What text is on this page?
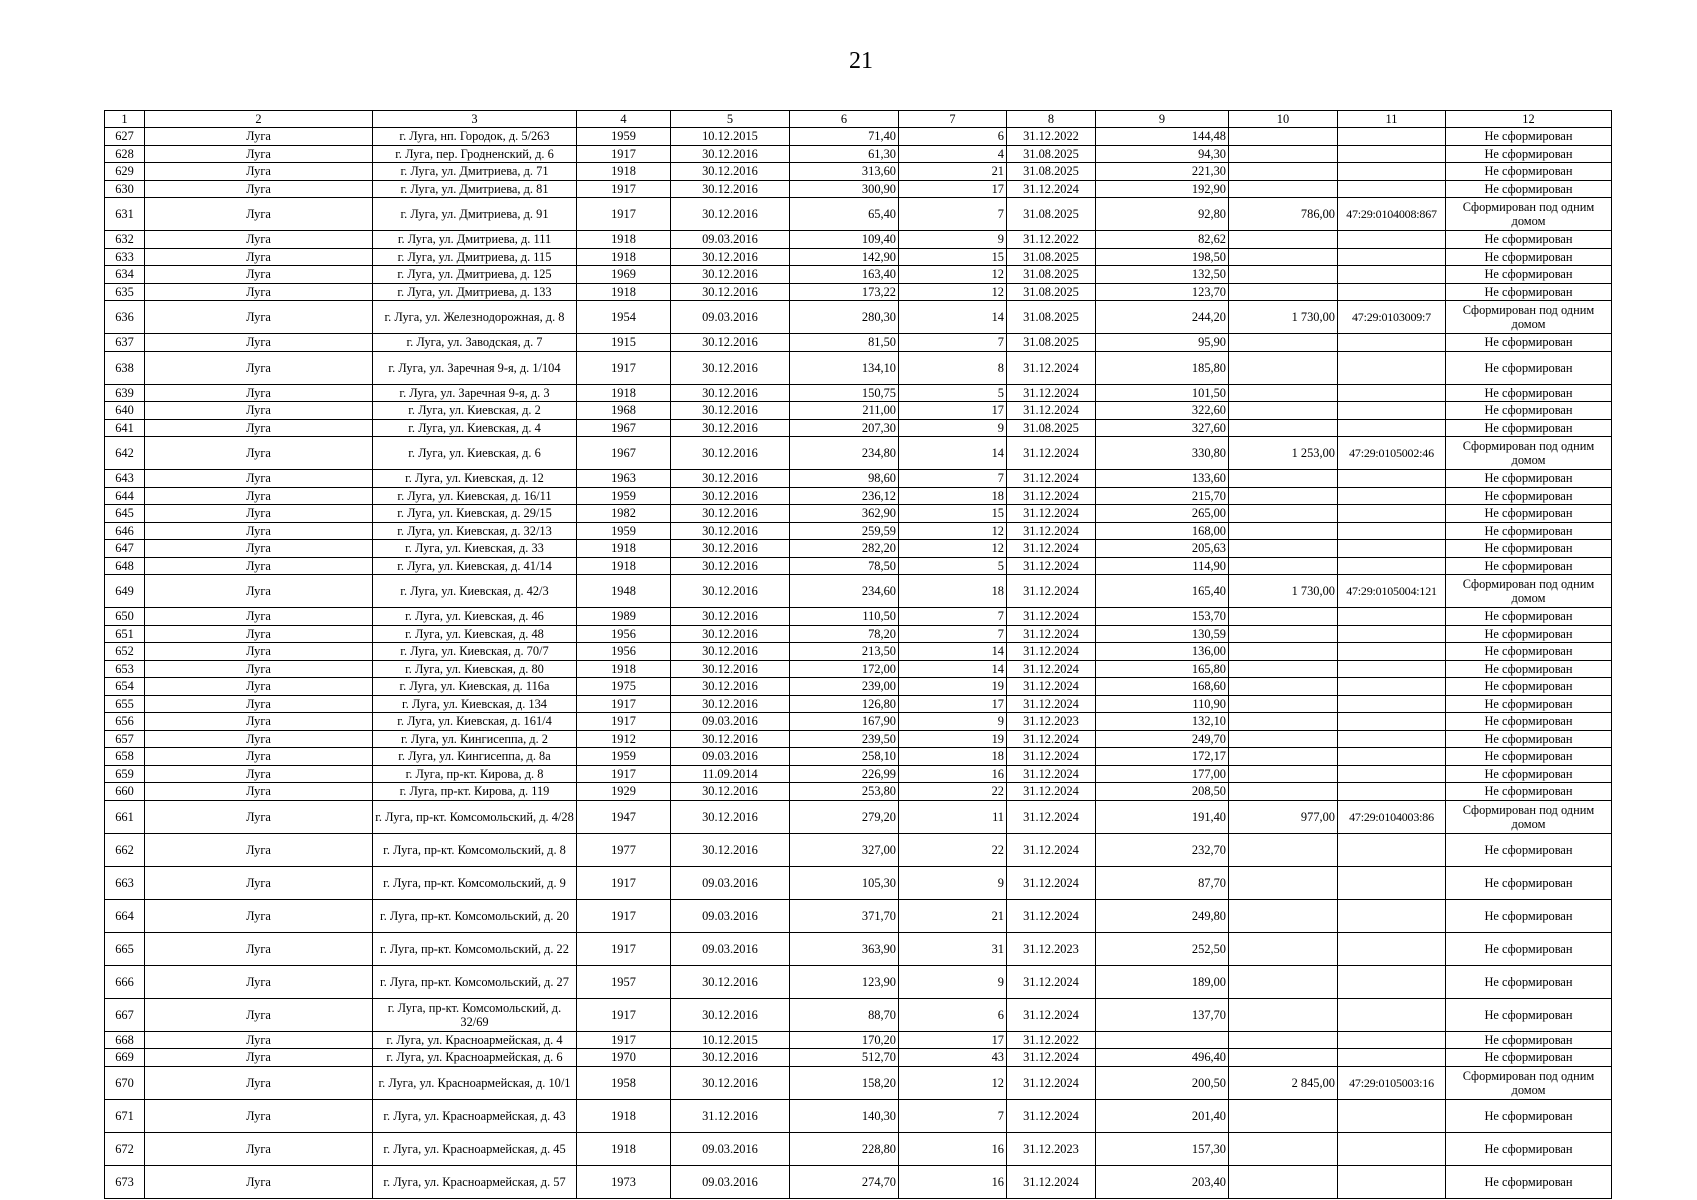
21
1	2	3	4	5	6	7	8	9	10	11	12
627	Луга	г. Луга, нп. Городок, д. 5/263	1959	10.12.2015	71,40	6	31.12.2022	144,48			Не сформирован
628	Луга	г. Луга, пер. Гродненский, д. 6	1917	30.12.2016	61,30	4	31.08.2025	94,30			Не сформирован
629	Луга	г. Луга, ул. Дмитриева, д. 71	1918	30.12.2016	313,60	21	31.08.2025	221,30			Не сформирован
630	Луга	г. Луга, ул. Дмитриева, д. 81	1917	30.12.2016	300,90	17	31.12.2024	192,90			Не сформирован
631	Луга	г. Луга, ул. Дмитриева, д. 91	1917	30.12.2016	65,40	7	31.08.2025	92,80	786,00	47:29:0104008:867	Сформирован под одним домом
632	Луга	г. Луга, ул. Дмитриева, д. 111	1918	09.03.2016	109,40	9	31.12.2022	82,62			Не сформирован
633	Луга	г. Луга, ул. Дмитриева, д. 115	1918	30.12.2016	142,90	15	31.08.2025	198,50			Не сформирован
634	Луга	г. Луга, ул. Дмитриева, д. 125	1969	30.12.2016	163,40	12	31.08.2025	132,50			Не сформирован
635	Луга	г. Луга, ул. Дмитриева, д. 133	1918	30.12.2016	173,22	12	31.08.2025	123,70			Не сформирован
636	Луга	г. Луга, ул. Железнодорожная, д. 8	1954	09.03.2016	280,30	14	31.08.2025	244,20	1 730,00	47:29:0103009:7	Сформирован под одним домом
637	Луга	г. Луга, ул. Заводская, д. 7	1915	30.12.2016	81,50	7	31.08.2025	95,90			Не сформирован
638	Луга	г. Луга, ул. Заречная 9-я, д. 1/104	1917	30.12.2016	134,10	8	31.12.2024	185,80			Не сформирован
639	Луга	г. Луга, ул. Заречная 9-я, д. 3	1918	30.12.2016	150,75	5	31.12.2024	101,50			Не сформирован
640	Луга	г. Луга, ул. Киевская, д. 2	1968	30.12.2016	211,00	17	31.12.2024	322,60			Не сформирован
641	Луга	г. Луга, ул. Киевская, д. 4	1967	30.12.2016	207,30	9	31.08.2025	327,60			Не сформирован
642	Луга	г. Луга, ул. Киевская, д. 6	1967	30.12.2016	234,80	14	31.12.2024	330,80	1 253,00	47:29:0105002:46	Сформирован под одним домом
643	Луга	г. Луга, ул. Киевская, д. 12	1963	30.12.2016	98,60	7	31.12.2024	133,60			Не сформирован
644	Луга	г. Луга, ул. Киевская, д. 16/11	1959	30.12.2016	236,12	18	31.12.2024	215,70			Не сформирован
645	Луга	г. Луга, ул. Киевская, д. 29/15	1982	30.12.2016	362,90	15	31.12.2024	265,00			Не сформирован
646	Луга	г. Луга, ул. Киевская, д. 32/13	1959	30.12.2016	259,59	12	31.12.2024	168,00			Не сформирован
647	Луга	г. Луга, ул. Киевская, д. 33	1918	30.12.2016	282,20	12	31.12.2024	205,63			Не сформирован
648	Луга	г. Луга, ул. Киевская, д. 41/14	1918	30.12.2016	78,50	5	31.12.2024	114,90			Не сформирован
649	Луга	г. Луга, ул. Киевская, д. 42/3	1948	30.12.2016	234,60	18	31.12.2024	165,40	1 730,00	47:29:0105004:121	Сформирован под одним домом
650	Луга	г. Луга, ул. Киевская, д. 46	1989	30.12.2016	110,50	7	31.12.2024	153,70			Не сформирован
651	Луга	г. Луга, ул. Киевская, д. 48	1956	30.12.2016	78,20	7	31.12.2024	130,59			Не сформирован
652	Луга	г. Луга, ул. Киевская, д. 70/7	1956	30.12.2016	213,50	14	31.12.2024	136,00			Не сформирован
653	Луга	г. Луга, ул. Киевская, д. 80	1918	30.12.2016	172,00	14	31.12.2024	165,80			Не сформирован
654	Луга	г. Луга, ул. Киевская, д. 116а	1975	30.12.2016	239,00	19	31.12.2024	168,60			Не сформирован
655	Луга	г. Луга, ул. Киевская, д. 134	1917	30.12.2016	126,80	17	31.12.2024	110,90			Не сформирован
656	Луга	г. Луга, ул. Киевская, д. 161/4	1917	09.03.2016	167,90	9	31.12.2023	132,10			Не сформирован
657	Луга	г. Луга, ул. Кингисеппа, д. 2	1912	30.12.2016	239,50	19	31.12.2024	249,70			Не сформирован
658	Луга	г. Луга, ул. Кингисеппа, д. 8а	1959	09.03.2016	258,10	18	31.12.2024	172,17			Не сформирован
659	Луга	г. Луга, пр-кт. Кирова, д. 8	1917	11.09.2014	226,99	16	31.12.2024	177,00			Не сформирован
660	Луга	г. Луга, пр-кт. Кирова, д. 119	1929	30.12.2016	253,80	22	31.12.2024	208,50			Не сформирован
661	Луга	г. Луга, пр-кт. Комсомольский, д. 4/28	1947	30.12.2016	279,20	11	31.12.2024	191,40	977,00	47:29:0104003:86	Сформирован под одним домом
662	Луга	г. Луга, пр-кт. Комсомольский, д. 8	1977	30.12.2016	327,00	22	31.12.2024	232,70			Не сформирован
663	Луга	г. Луга, пр-кт. Комсомольский, д. 9	1917	09.03.2016	105,30	9	31.12.2024	87,70			Не сформирован
664	Луга	г. Луга, пр-кт. Комсомольский, д. 20	1917	09.03.2016	371,70	21	31.12.2024	249,80			Не сформирован
665	Луга	г. Луга, пр-кт. Комсомольский, д. 22	1917	09.03.2016	363,90	31	31.12.2023	252,50			Не сформирован
666	Луга	г. Луга, пр-кт. Комсомольский, д. 27	1957	30.12.2016	123,90	9	31.12.2024	189,00			Не сформирован
667	Луга	г. Луга, пр-кт. Комсомольский, д. 32/69	1917	30.12.2016	88,70	6	31.12.2024	137,70			Не сформирован
668	Луга	г. Луга, ул. Красноармейская, д. 4	1917	10.12.2015	170,20	17	31.12.2022				Не сформирован
669	Луга	г. Луга, ул. Красноармейская, д. 6	1970	30.12.2016	512,70	43	31.12.2024	496,40			Не сформирован
670	Луга	г. Луга, ул. Красноармейская, д. 10/1	1958	30.12.2016	158,20	12	31.12.2024	200,50	2 845,00	47:29:0105003:16	Сформирован под одним домом
671	Луга	г. Луга, ул. Красноармейская, д. 43	1918	31.12.2016	140,30	7	31.12.2024	201,40			Не сформирован
672	Луга	г. Луга, ул. Красноармейская, д. 45	1918	09.03.2016	228,80	16	31.12.2023	157,30			Не сформирован
673	Луга	г. Луга, ул. Красноармейская, д. 57	1973	09.03.2016	274,70	16	31.12.2024	203,40			Не сформирован
